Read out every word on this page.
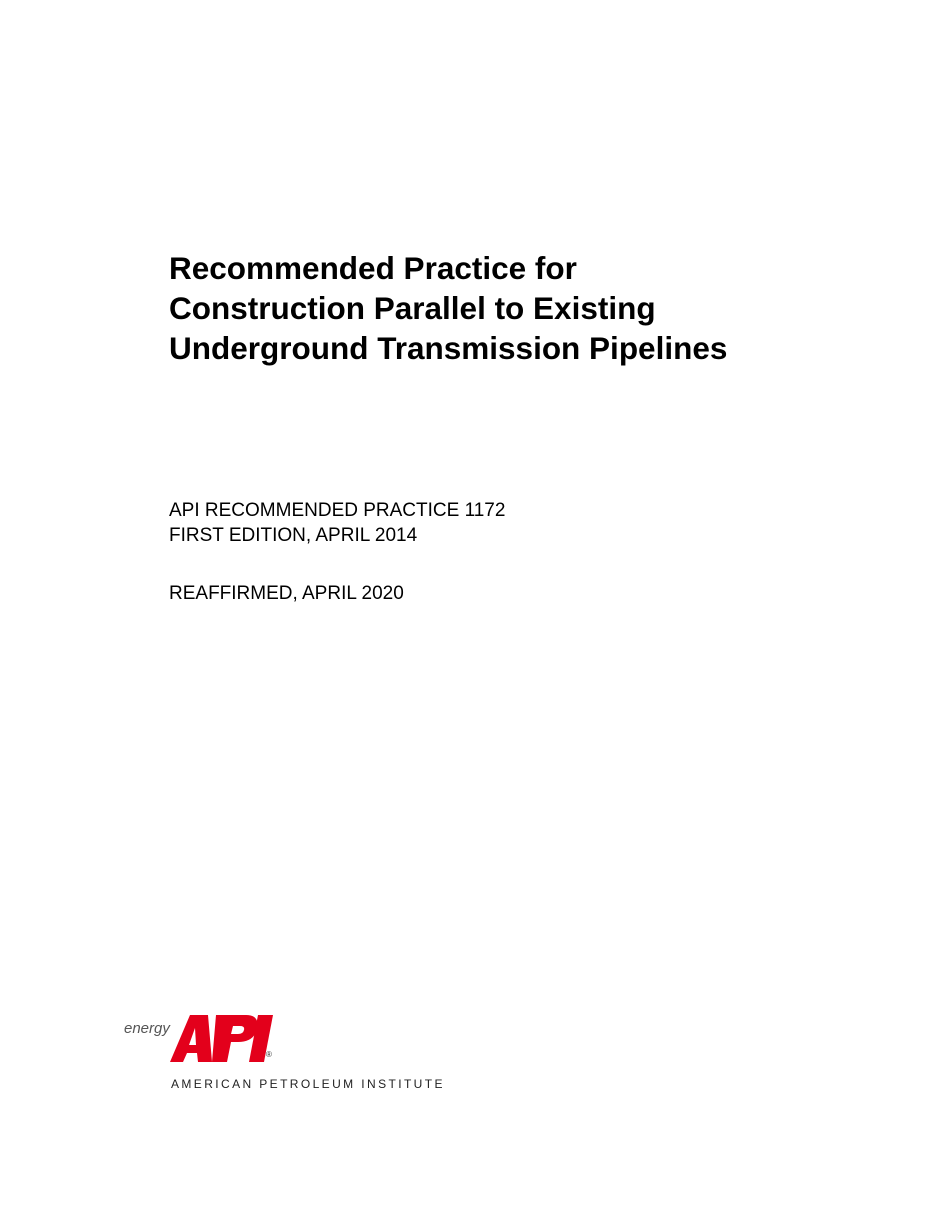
Recommended Practice for
Construction Parallel to Existing
Underground Transmission Pipelines
API RECOMMENDED PRACTICE 1172
FIRST EDITION, APRIL 2014
REAFFIRMED, APRIL 2020
energy
®
AMERICAN PETROLEUM INSTITUTE
